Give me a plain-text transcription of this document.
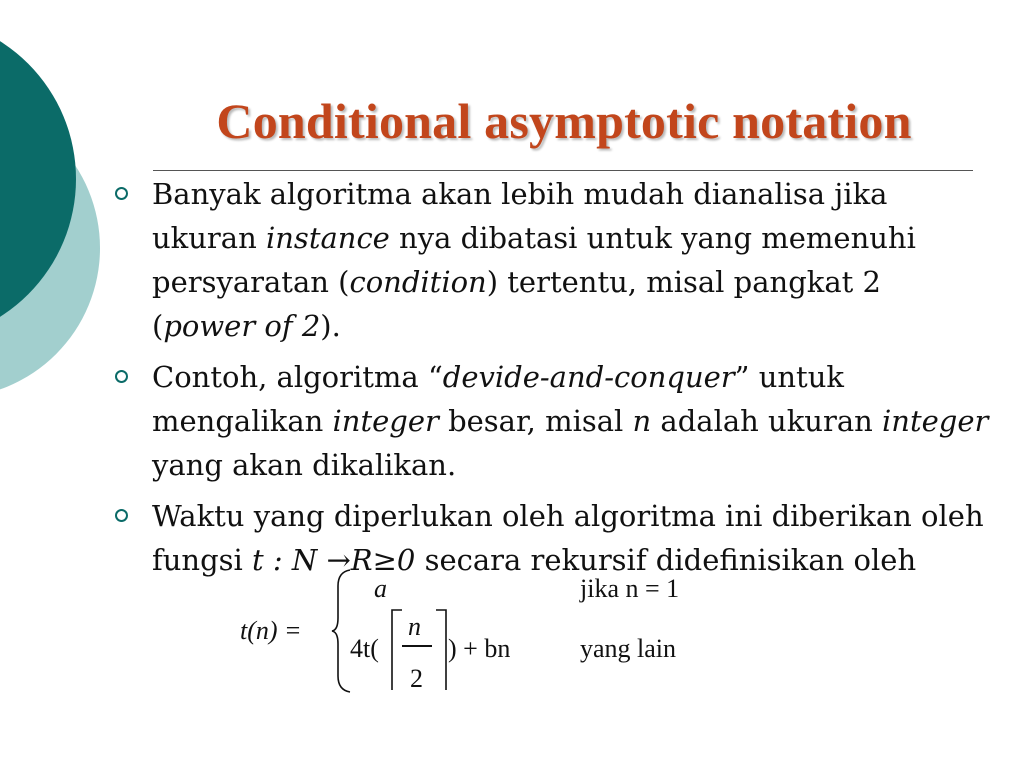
Conditional asymptotic notation
Banyak algoritma akan lebih mudah dianalisa jika ukuran instance nya dibatasi untuk yang memenuhi persyaratan (condition) tertentu, misal pangkat 2 (power of 2).
Contoh, algoritma “devide-and-conquer” untuk mengalikan integer besar, misal n adalah ukuran integer yang akan dikalikan.
Waktu yang diperlukan oleh algoritma ini diberikan oleh fungsi t : N →R≥0 secara rekursif didefinisikan oleh
t(n) =
a	jika n = 1
4t(
n
2
) + bn	yang lain
